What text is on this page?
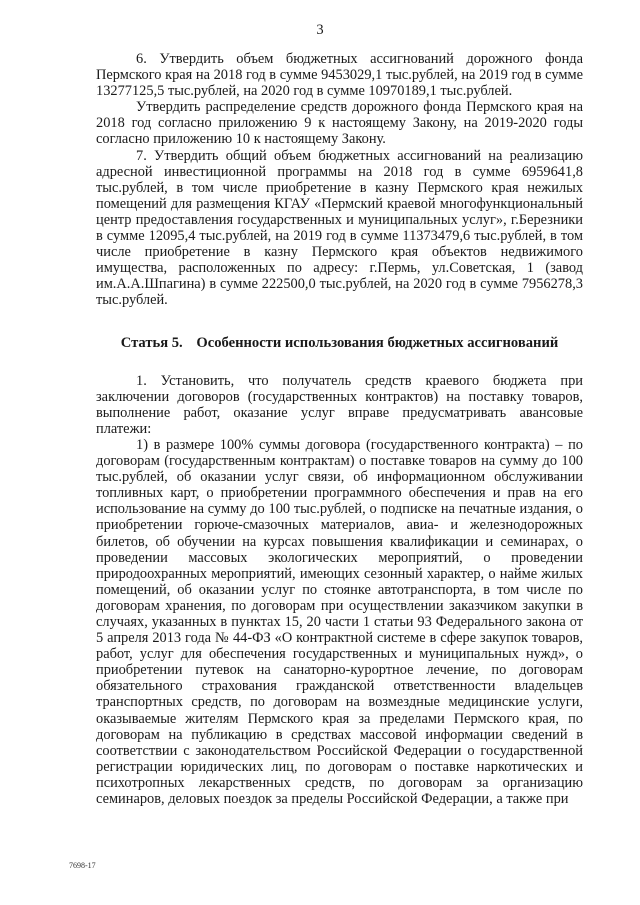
3

6. Утвердить объем бюджетных ассигнований дорожного фонда Пермского края на 2018 год в сумме 9453029,1 тыс.рублей, на 2019 год в сумме 13277125,5 тыс.рублей, на 2020 год в сумме 10970189,1 тыс.рублей.

Утвердить распределение средств дорожного фонда Пермского края на 2018 год согласно приложению 9 к настоящему Закону, на 2019-2020 годы согласно приложению 10 к настоящему Закону.

7. Утвердить общий объем бюджетных ассигнований на реализацию адресной инвестиционной программы на 2018 год в сумме 6959641,8 тыс.рублей, в том числе приобретение в казну Пермского края нежилых помещений для размещения КГАУ «Пермский краевой многофункциональный центр предоставления государственных и муниципальных услуг», г.Березники в сумме 12095,4 тыс.рублей, на 2019 год в сумме 11373479,6 тыс.рублей, в том числе приобретение в казну Пермского края объектов недвижимого имущества, расположенных по адресу: г.Пермь, ул.Советская, 1 (завод им.А.А.Шпагина) в сумме 222500,0 тыс.рублей, на 2020 год в сумме 7956278,3 тыс.рублей.

Статья 5. Особенности использования бюджетных ассигнований

1. Установить, что получатель средств краевого бюджета при заключении договоров (государственных контрактов) на поставку товаров, выполнение работ, оказание услуг вправе предусматривать авансовые платежи:

1) в размере 100% суммы договора (государственного контракта) – по договорам (государственным контрактам) о поставке товаров на сумму до 100 тыс.рублей, об оказании услуг связи, об информационном обслуживании топливных карт, о приобретении программного обеспечения и прав на его использование на сумму до 100 тыс.рублей, о подписке на печатные издания, о приобретении горюче-смазочных материалов, авиа- и железнодорожных билетов, об обучении на курсах повышения квалификации и семинарах, о проведении массовых экологических мероприятий, о проведении природоохранных мероприятий, имеющих сезонный характер, о найме жилых помещений, об оказании услуг по стоянке автотранспорта, в том числе по договорам хранения, по договорам при осуществлении заказчиком закупки в случаях, указанных в пунктах 15, 20 части 1 статьи 93 Федерального закона от 5 апреля 2013 года № 44-ФЗ «О контрактной системе в сфере закупок товаров, работ, услуг для обеспечения государственных и муниципальных нужд», о приобретении путевок на санаторно-курортное лечение, по договорам обязательного страхования гражданской ответственности владельцев транспортных средств, по договорам на возмездные медицинские услуги, оказываемые жителям Пермского края за пределами Пермского края, по договорам на публикацию в средствах массовой информации сведений в соответствии с законодательством Российской Федерации о государственной регистрации юридических лиц, по договорам о поставке наркотических и психотропных лекарственных средств, по договорам за организацию семинаров, деловых поездок за пределы Российской Федерации, а также при

7698-17
